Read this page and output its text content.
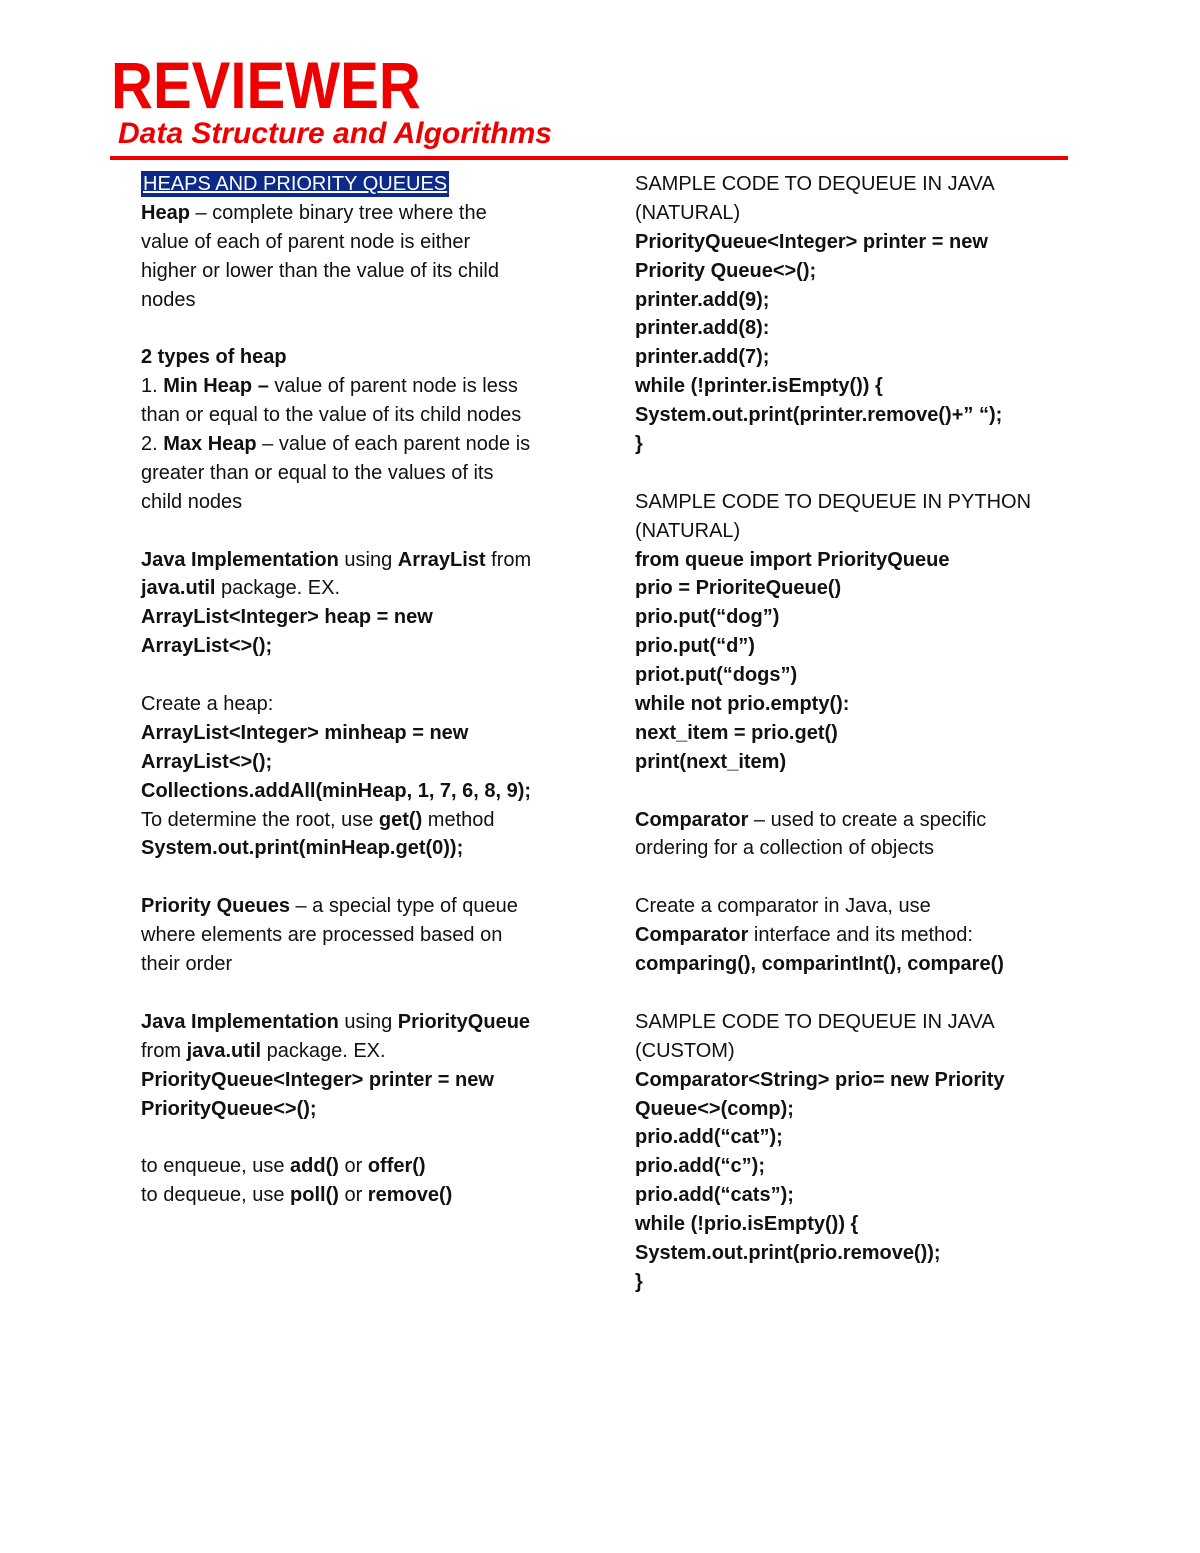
REVIEWER
Data Structure and Algorithms
HEAPS AND PRIORITY QUEUES
Heap – complete binary tree where the
value of each of parent node is either
higher or lower than the value of its child
nodes
2 types of heap
1. Min Heap – value of parent node is less
than or equal to the value of its child nodes
2. Max Heap – value of each parent node is
greater than or equal to the values of its
child nodes
Java Implementation using ArrayList from
java.util package. EX.
ArrayList<Integer> heap = new
ArrayList<>();
Create a heap:
ArrayList<Integer> minheap = new
ArrayList<>();
Collections.addAll(minHeap, 1, 7, 6, 8, 9);
To determine the root, use get() method
System.out.print(minHeap.get(0));
Priority Queues – a special type of queue
where elements are processed based on
their order
Java Implementation using PriorityQueue
from java.util package. EX.
PriorityQueue<Integer> printer = new
PriorityQueue<>();
to enqueue, use add() or offer()
to dequeue, use poll() or remove()
SAMPLE CODE TO DEQUEUE IN JAVA
(NATURAL)
PriorityQueue<Integer> printer = new
Priority Queue<>();
printer.add(9);
printer.add(8):
printer.add(7);
while (!printer.isEmpty()) {
System.out.print(printer.remove()+” “);
}
SAMPLE CODE TO DEQUEUE IN PYTHON
(NATURAL)
from queue import PriorityQueue
prio = PrioriteQueue()
prio.put(“dog”)
prio.put(“d”)
priot.put(“dogs”)
while not prio.empty():
next_item = prio.get()
print(next_item)
Comparator – used to create a specific
ordering for a collection of objects
Create a comparator in Java, use
Comparator interface and its method:
comparing(), comparintInt(), compare()
SAMPLE CODE TO DEQUEUE IN JAVA
(CUSTOM)
Comparator<String> prio= new Priority
Queue<>(comp);
prio.add(“cat”);
prio.add(“c”);
prio.add(“cats”);
while (!prio.isEmpty()) {
System.out.print(prio.remove());
}
